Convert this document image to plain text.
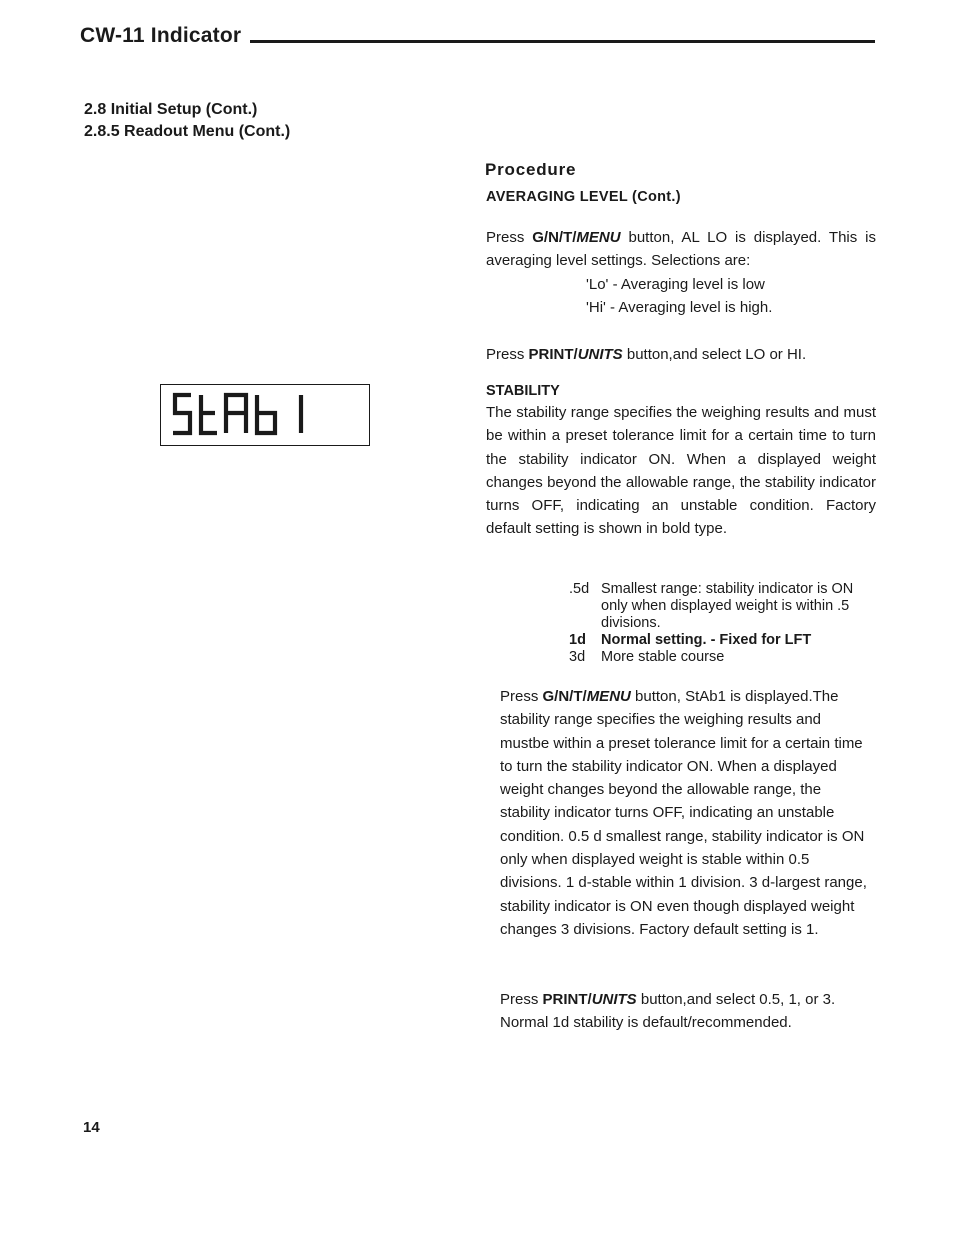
CW-11 Indicator
2.8 Initial Setup (Cont.)
2.8.5 Readout Menu (Cont.)
Procedure
AVERAGING LEVEL (Cont.)
Press G/N/T/MENU button, AL LO is displayed. This is averaging level settings. Selections are:
'Lo' - Averaging level is low
'Hi' - Averaging level is high.
Press PRINT/UNITS button,and select LO or HI.
STABILITY
The stability range specifies the weighing results and must be within a preset tolerance limit for a certain time to turn the stability indicator ON. When a displayed weight changes beyond the allowable range, the stability indicator turns OFF, indicating an unstable condition. Factory default setting is shown in bold type.
.5d Smallest range: stability indicator is ON only when displayed weight is within .5 divisions.
1d	Normal setting. - Fixed for LFT
3d	More stable course
Press G/N/T/MENU button, StAb1 is displayed.The stability range specifies the weighing results and mustbe within a preset tolerance limit for a certain time to turn the stability indicator ON. When a displayed weight changes beyond the allowable range, the stability indicator turns OFF, indicating an unstable condition. 0.5 d smallest range, stability indicator is ON only when displayed weight is stable within 0.5 divisions. 1 d-stable within 1 division. 3 d-largest range, stability indicator is ON even though displayed weight changes 3 divisions. Factory default setting is 1.
Press PRINT/UNITS button,and select 0.5, 1, or 3. Normal 1d stability is default/recommended.
14
